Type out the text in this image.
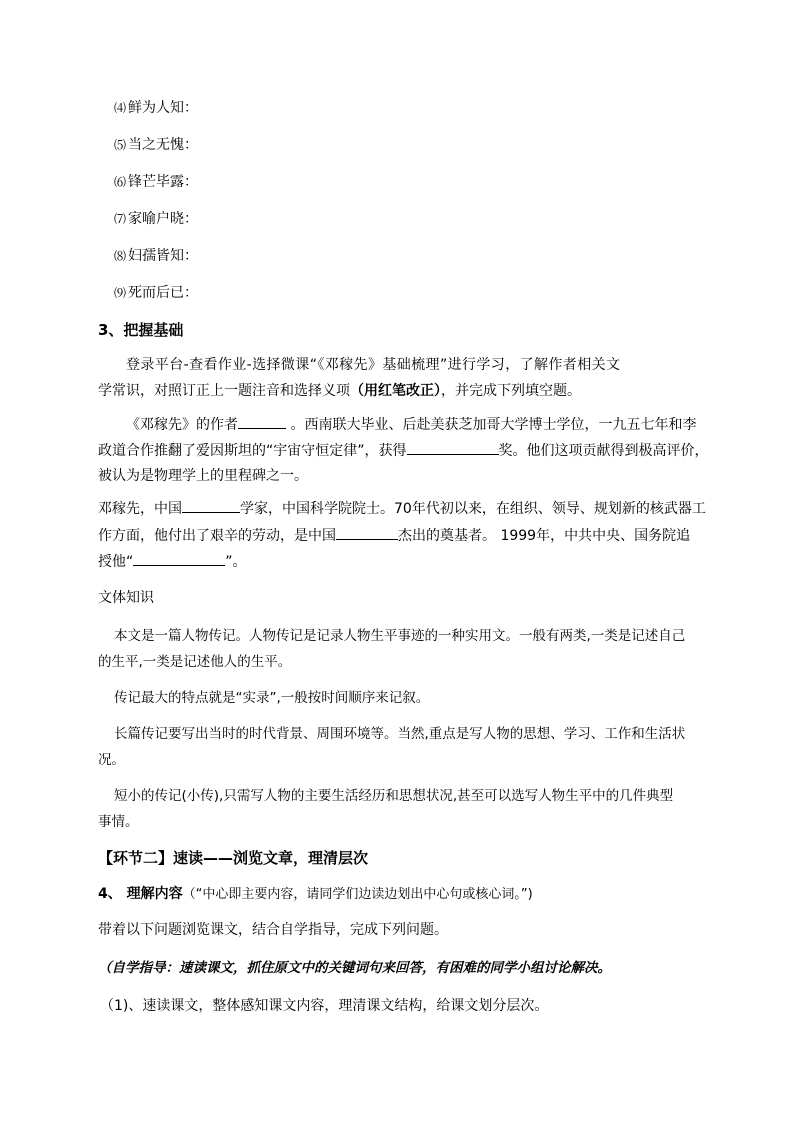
⑷ 鲜为人知：
⑸ 当之无愧：
⑹ 锋芒毕露：
⑺ 家喻户晓：
⑻ 妇孺皆知：
⑼ 死而后已：
3、把握基础
登录平台-查看作业-选择微课“《邓稼先》基础梳理”进行学习，了解作者相关文
学常识，对照订正上一题注音和选择义项（用红笔改正），并完成下列填空题。
《邓稼先》的作者	。西南联大毕业、后赴美获芝加哥大学博士学位，一九五七年和李
政道合作推翻了爱因斯坦的“宇宙守恒定律”，获得	奖。他们这项贡献得到极高评价，
被认为是物理学上的里程碑之一。
邓稼先，中国	学家，中国科学院院士。70年代初以来，在组织、领导、规划新的核武器工
作方面，他付出了艰辛的劳动，是中国	杰出的奠基者。 1999年，中共中央、国务院追
授他“	”。
文体知识
本文是一篇人物传记。人物传记是记录人物生平事迹的一种实用文。一般有两类,一类是记述自己
的生平,一类是记述他人的生平。
传记最大的特点就是“实录”,一般按时间顺序来记叙。
长篇传记要写出当时的时代背景、周围环境等。当然,重点是写人物的思想、学习、工作和生活状
况。
短小的传记(小传),只需写人物的主要生活经历和思想状况,甚至可以选写人物生平中的几件典型
事情。
【环节二】速读——浏览文章，理清层次
4、 理解内容（“中心即主要内容，请同学们边读边划出中心句或核心词。”)
带着以下问题浏览课文，结合自学指导，完成下列问题。
（自学指导：速读课文，抓住原文中的关键词句来回答，有困难的同学小组讨论解决。
（1)、速读课文，整体感知课文内容，理清课文结构，给课文划分层次。
